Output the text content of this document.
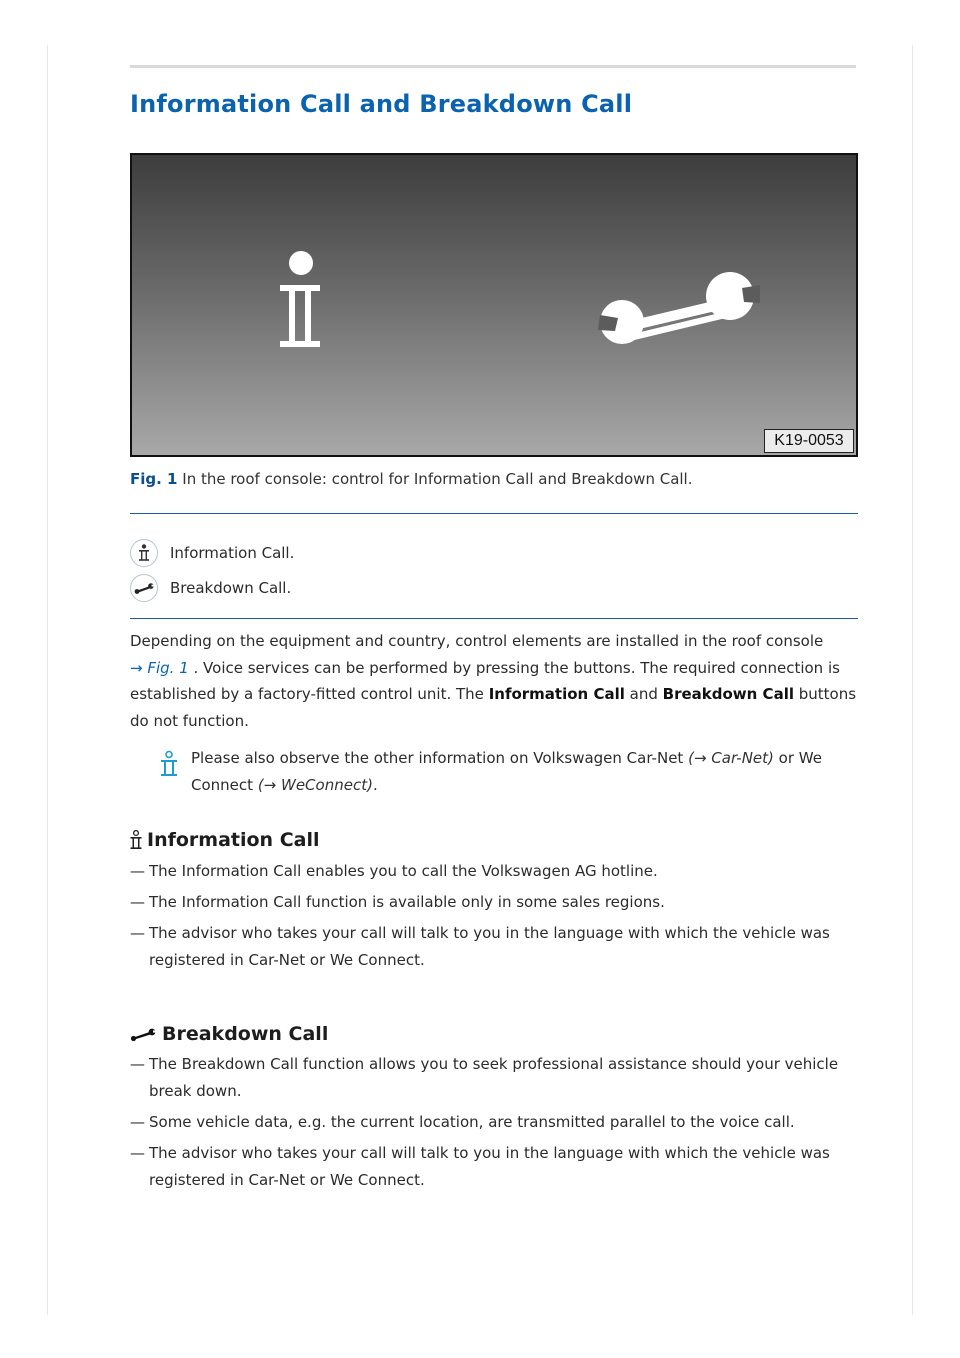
Information Call and Breakdown Call
K19-0053
Fig. 1 In the roof console: control for Information Call and Breakdown Call.
Information Call.
Breakdown Call.
Depending on the equipment and country, control elements are installed in the roof console
→ Fig. 1 . Voice services can be performed by pressing the buttons. The required connection is established by a factory-fitted control unit. The Information Call and Breakdown Call buttons do not function.
Please also observe the other information on Volkswagen Car-Net (→ Car-Net) or We Connect (→ WeConnect).
Information Call
— The Information Call enables you to call the Volkswagen AG hotline.
— The Information Call function is available only in some sales regions.
— The advisor who takes your call will talk to you in the language with which the vehicle was registered in Car-Net or We Connect.
Breakdown Call
— The Breakdown Call function allows you to seek professional assistance should your vehicle break down.
— Some vehicle data, e.g. the current location, are transmitted parallel to the voice call.
— The advisor who takes your call will talk to you in the language with which the vehicle was registered in Car-Net or We Connect.
